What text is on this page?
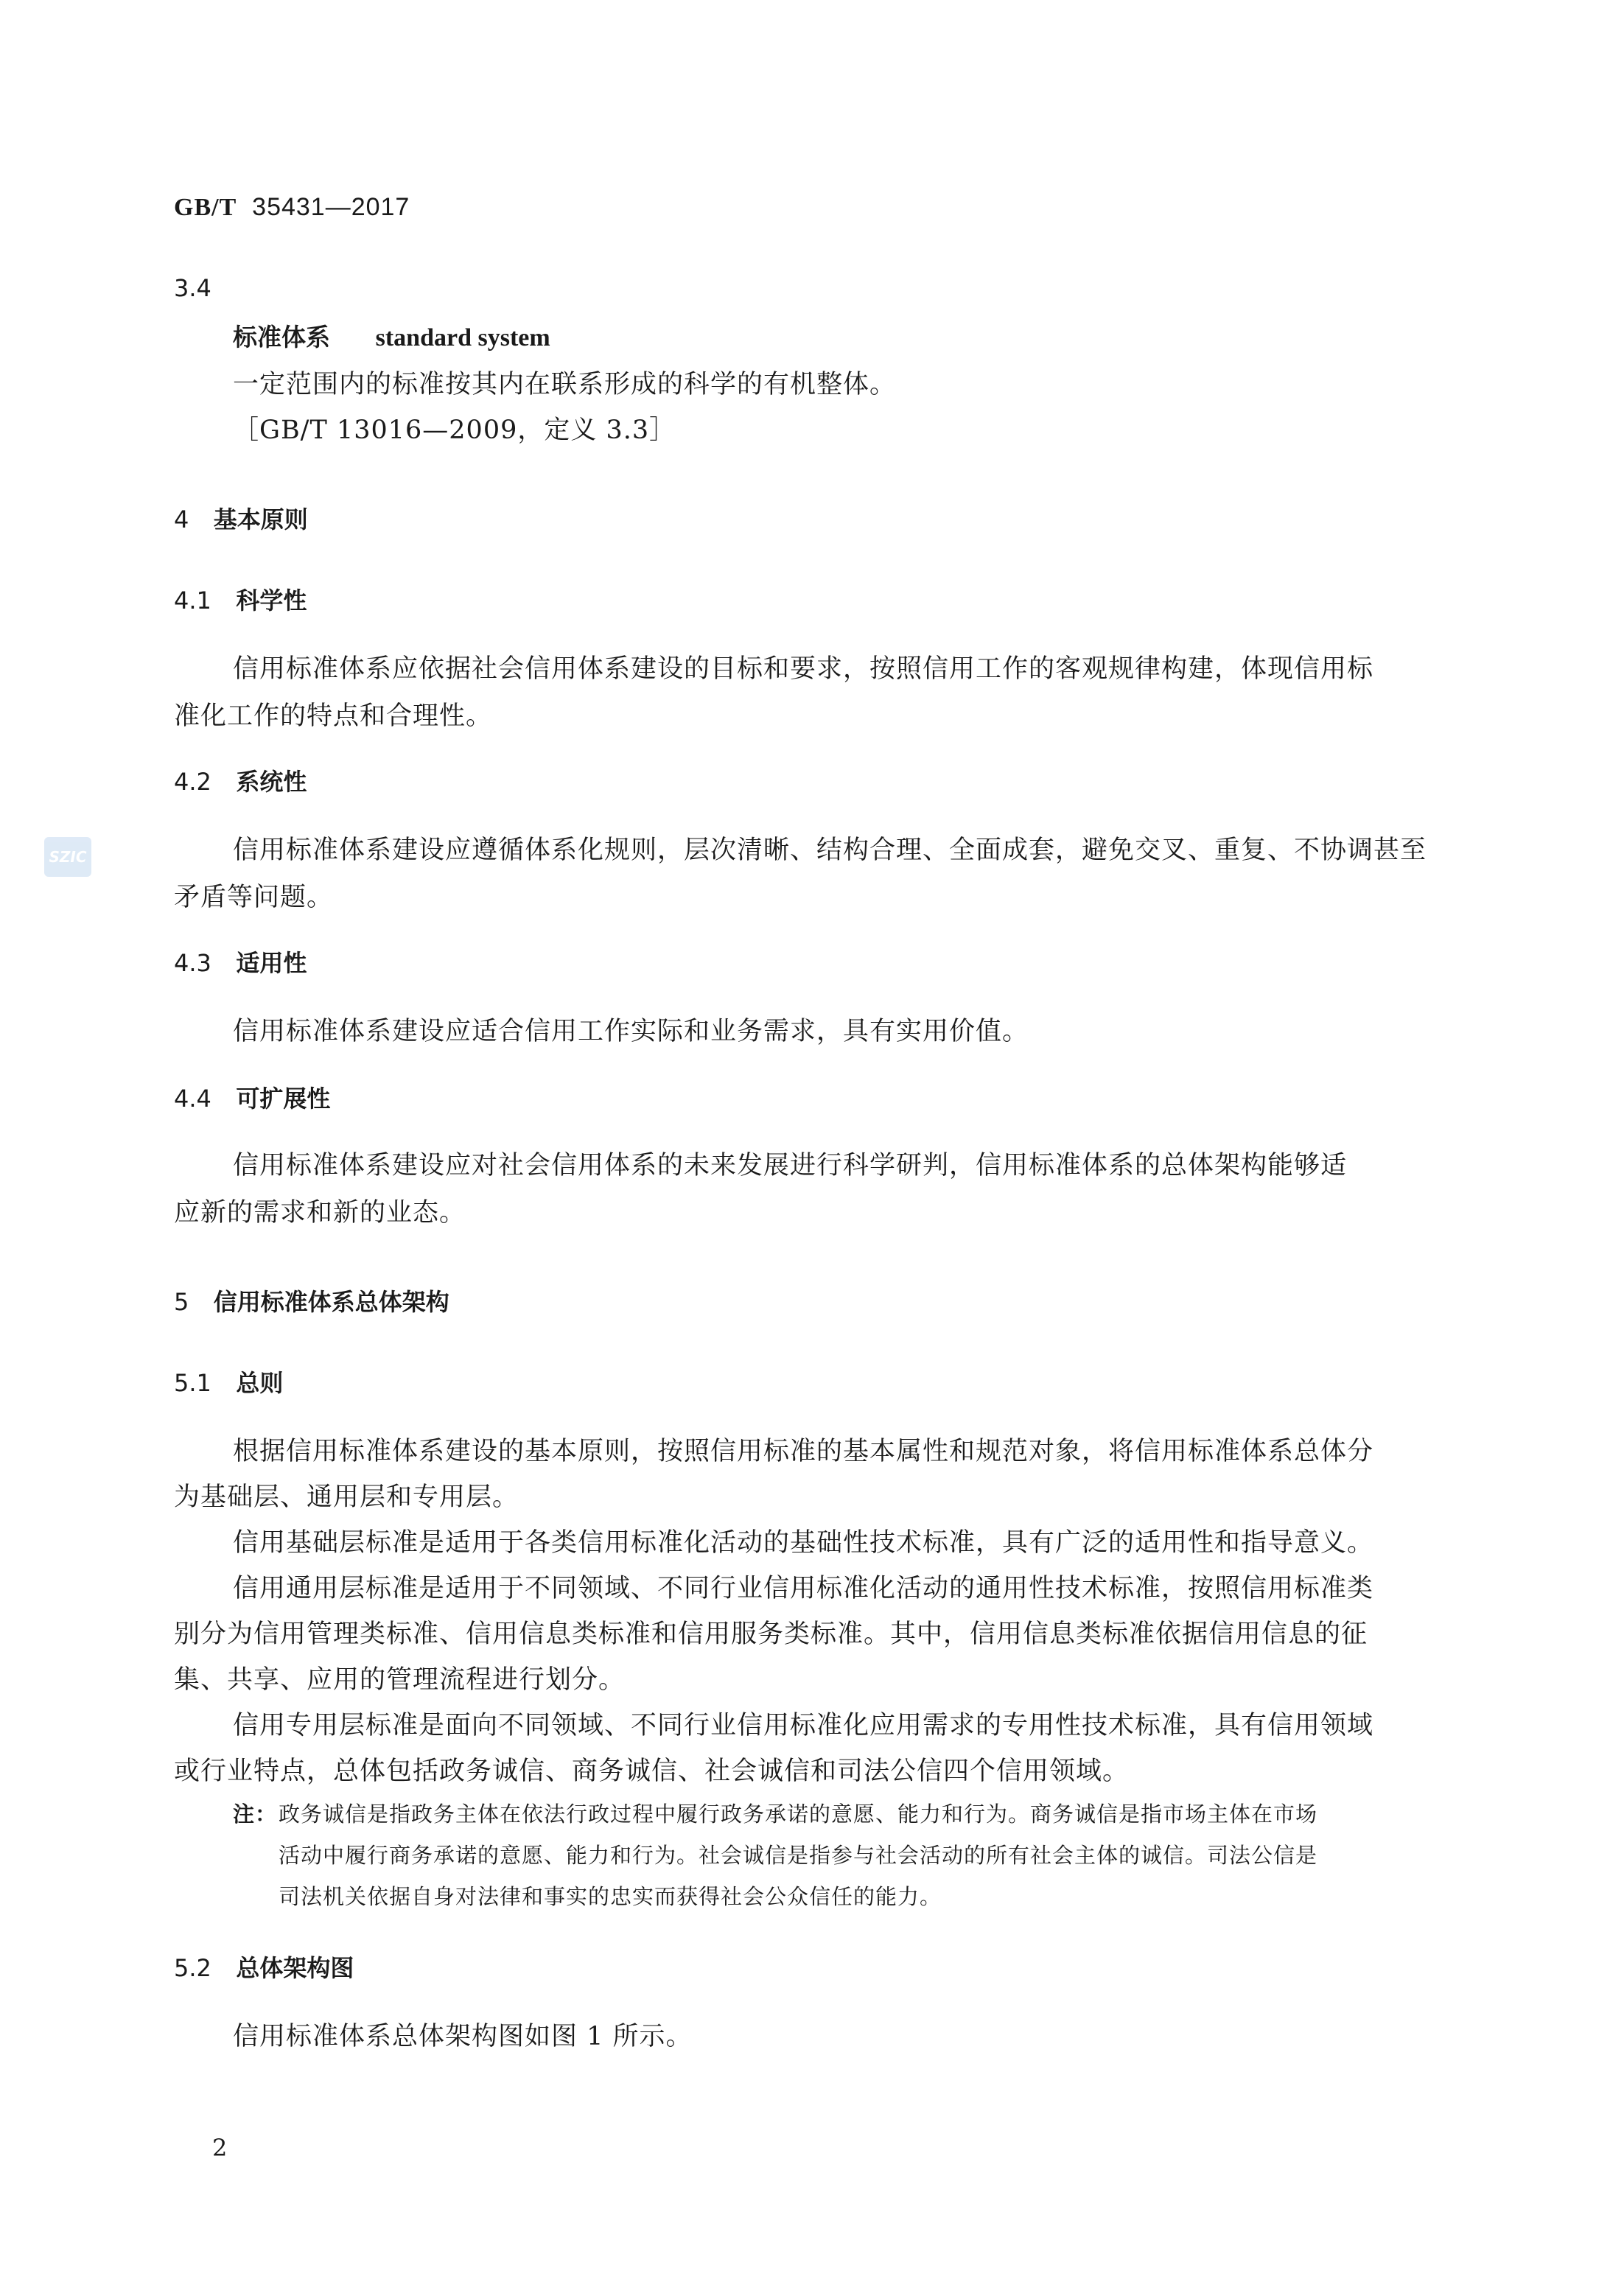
GB/T 35431—2017
3.4
标准体系 standard system
一定范围内的标准按其内在联系形成的科学的有机整体。
［GB/T 13016—2009，定义 3.3］
4 基本原则
4.1 科学性
信用标准体系应依据社会信用体系建设的目标和要求，按照信用工作的客观规律构建，体现信用标
准化工作的特点和合理性。
4.2 系统性
信用标准体系建设应遵循体系化规则，层次清晰、结构合理、全面成套，避免交叉、重复、不协调甚至
矛盾等问题。
4.3 适用性
信用标准体系建设应适合信用工作实际和业务需求，具有实用价值。
4.4 可扩展性
信用标准体系建设应对社会信用体系的未来发展进行科学研判，信用标准体系的总体架构能够适
应新的需求和新的业态。
5 信用标准体系总体架构
5.1 总则
根据信用标准体系建设的基本原则，按照信用标准的基本属性和规范对象，将信用标准体系总体分
为基础层、通用层和专用层。
信用基础层标准是适用于各类信用标准化活动的基础性技术标准，具有广泛的适用性和指导意义。
信用通用层标准是适用于不同领域、不同行业信用标准化活动的通用性技术标准，按照信用标准类
别分为信用管理类标准、信用信息类标准和信用服务类标准。其中，信用信息类标准依据信用信息的征
集、共享、应用的管理流程进行划分。
信用专用层标准是面向不同领域、不同行业信用标准化应用需求的专用性技术标准，具有信用领域
或行业特点，总体包括政务诚信、商务诚信、社会诚信和司法公信四个信用领域。
注： 政务诚信是指政务主体在依法行政过程中履行政务承诺的意愿、能力和行为。商务诚信是指市场主体在市场
活动中履行商务承诺的意愿、能力和行为。社会诚信是指参与社会活动的所有社会主体的诚信。司法公信是
司法机关依据自身对法律和事实的忠实而获得社会公众信任的能力。
5.2 总体架构图
信用标准体系总体架构图如图 1 所示。
SZIC
2
